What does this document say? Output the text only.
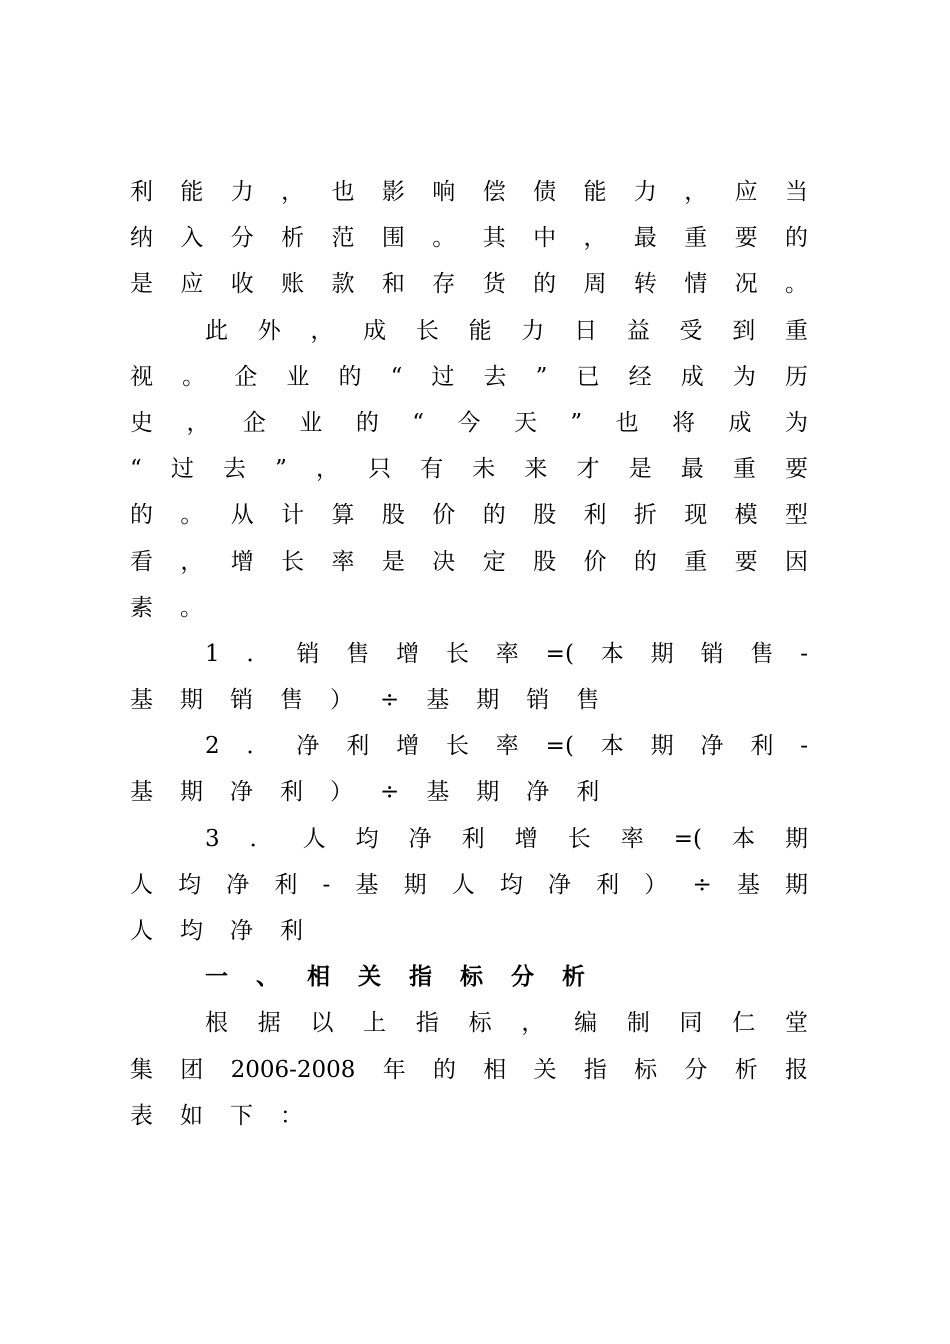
利能力，也影响偿债能力，应当
纳入分析范围。其中，最重要的
是应收账款和存货的周转情况。
此外，成长能力日益受到重
视。企业的“过去”已经成为历
史，企业的“今天”也将成为
“过去”，只有未来才是最重要
的。从计算股价的股利折现模型
看，增长率是决定股价的重要因
素。
1．销售增长率=(本期销售-
基期销售）÷基期销售
2．净利增长率=(本期净利-
基期净利）÷基期净利
3．人均净利增长率=(本期
人均净利-基期人均净利）÷基期
人均净利
一、相关指标分析
根据以上指标，编制同仁堂
集团2006-2008年的相关指标分析报
表如下：
